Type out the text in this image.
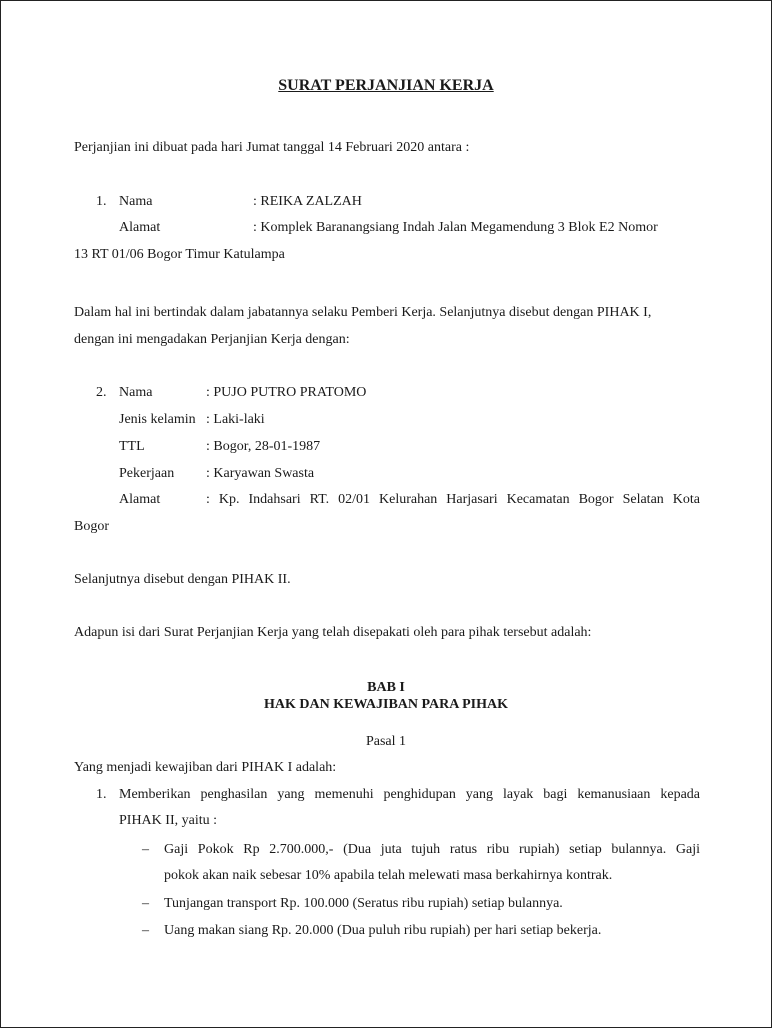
SURAT PERJANJIAN KERJA
Perjanjian ini dibuat pada hari Jumat tanggal 14 Februari 2020 antara :
1. Nama	: REIKA ZALZAH
Alamat	: Komplek Baranangsiang Indah Jalan Megamendung 3 Blok E2 Nomor
13 RT 01/06 Bogor Timur Katulampa
Dalam hal ini bertindak dalam jabatannya selaku Pemberi Kerja. Selanjutnya disebut dengan PIHAK I,
dengan ini mengadakan Perjanjian Kerja dengan:
2. Nama	: PUJO PUTRO PRATOMO
Jenis kelamin : Laki-laki
TTL	: Bogor, 28-01-1987
Pekerjaan : Karyawan Swasta
Alamat	: Kp. Indahsari RT. 02/01 Kelurahan Harjasari Kecamatan Bogor Selatan Kota
Bogor
Selanjutnya disebut dengan PIHAK II.
Adapun isi dari Surat Perjanjian Kerja yang telah disepakati oleh para pihak tersebut adalah:
BAB I
HAK DAN KEWAJIBAN PARA PIHAK
Pasal 1
Yang menjadi kewajiban dari PIHAK I adalah:
1. Memberikan penghasilan yang memenuhi penghidupan yang layak bagi kemanusiaan kepada
PIHAK II, yaitu :
– Gaji Pokok Rp 2.700.000,- (Dua juta tujuh ratus ribu rupiah) setiap bulannya. Gaji
pokok akan naik sebesar 10% apabila telah melewati masa berkahirnya kontrak.
– Tunjangan transport Rp. 100.000 (Seratus ribu rupiah) setiap bulannya.
– Uang makan siang Rp. 20.000 (Dua puluh ribu rupiah) per hari setiap bekerja.
